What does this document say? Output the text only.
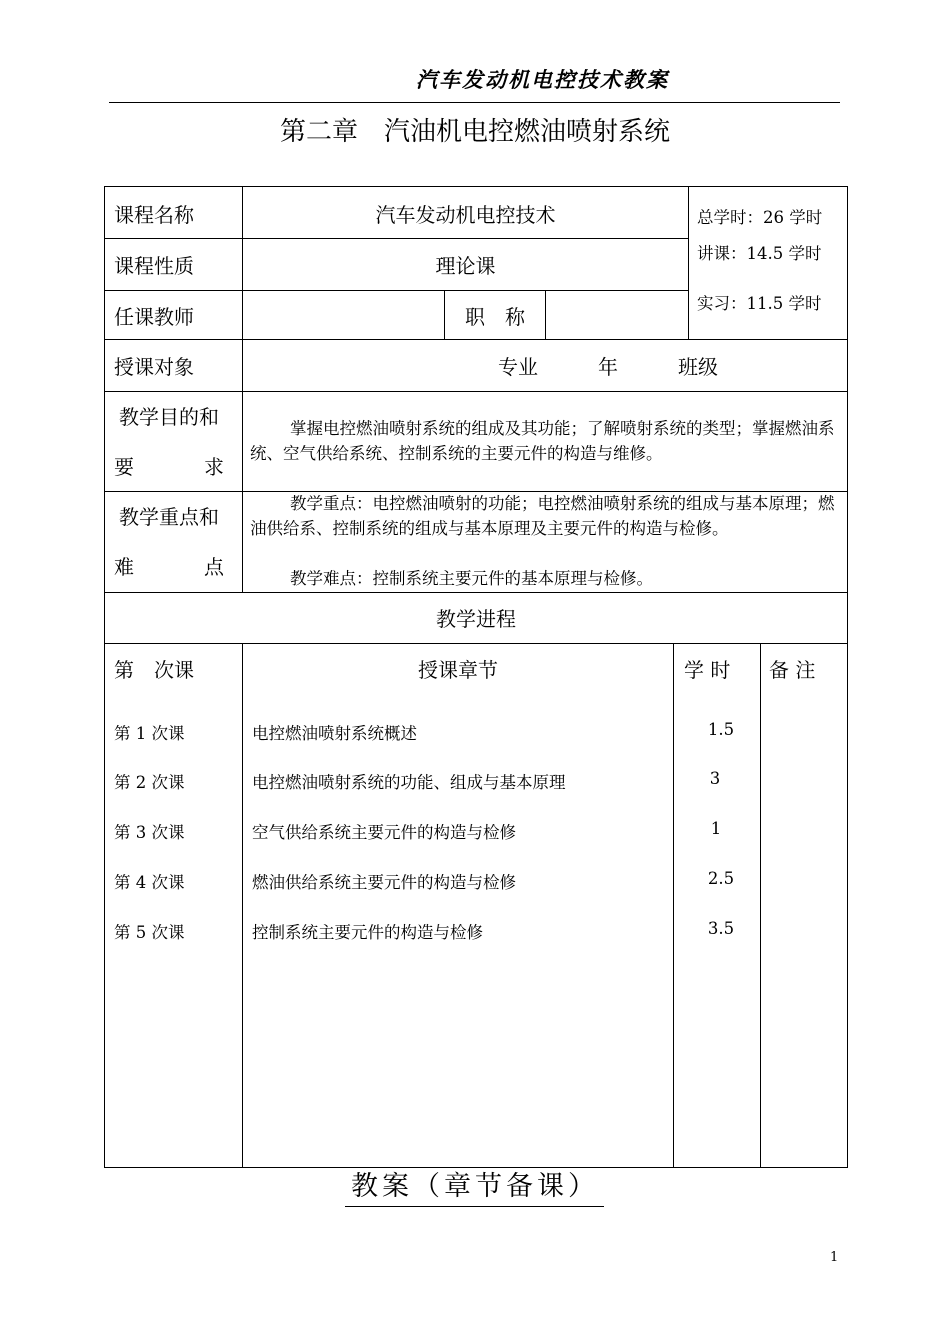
汽车发动机电控技术教案
第二章　汽油机电控燃油喷射系统
课程名称	汽车发动机电控技术
课程性质	理论课
任课教师	职　称
总学时：26 学时
讲课：14.5 学时
实习：11.5 学时
授课对象	专业　　　年　　　班级
教学目的和
要	求
掌握电控燃油喷射系统的组成及其功能；了解喷射系统的类型；掌握燃油系统、空气供给系统、控制系统的主要元件的构造与维修。
教学重点和
难	点
教学重点：电控燃油喷射的功能；电控燃油喷射系统的组成与基本原理；燃油供给系、控制系统的组成与基本原理及主要元件的构造与检修。
教学难点：控制系统主要元件的基本原理与检修。
教学进程
第　次课	授课章节	学 时 备 注
第 1 次课	电控燃油喷射系统概述	1.5
第 2 次课	电控燃油喷射系统的功能、组成与基本原理	3
第 3 次课	空气供给系统主要元件的构造与检修	1
第 4 次课	燃油供给系统主要元件的构造与检修	2.5
第 5 次课	控制系统主要元件的构造与检修	3.5
教案（章节备课）
1
